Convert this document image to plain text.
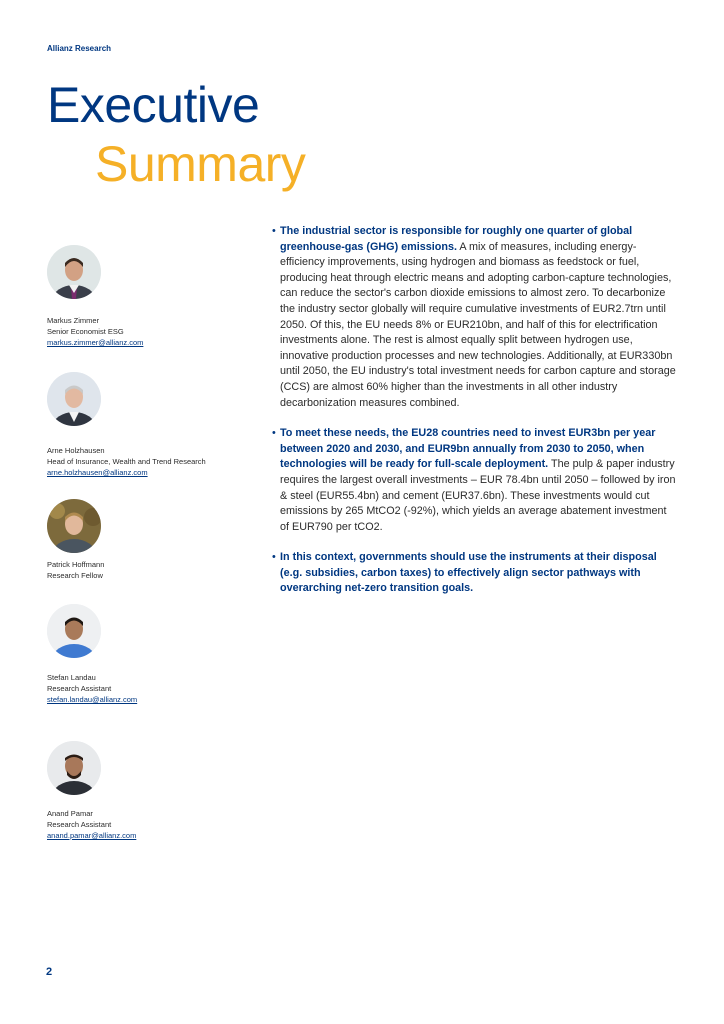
Allianz Research
Executive
Summary
Markus Zimmer
Senior Economist ESG
markus.zimmer@allianz.com
Arne Holzhausen
Head of Insurance, Wealth and Trend Research
arne.holzhausen@allianz.com
Patrick Hoffmann
Research Fellow
Stefan Landau
Research Assistant
stefan.landau@allianz.com
Anand Pamar
Research Assistant
anand.pamar@allianz.com
• The industrial sector is responsible for roughly one quarter of global greenhouse-gas (GHG) emissions. A mix of measures, including energy-efficiency improvements, using hydrogen and biomass as feedstock or fuel, producing heat through electric means and adopting carbon-capture technologies, can reduce the sector's carbon dioxide emissions to almost zero. To decarbonize the industry sector globally will require cumulative investments of EUR2.7trn until 2050. Of this, the EU needs 8% or EUR210bn, and half of this for electrification investments alone. The rest is almost equally split between hydrogen use, innovative production processes and new technologies. Additionally, at EUR330bn until 2050, the EU industry's total investment needs for carbon capture and storage (CCS) are almost 60% higher than the investments in all other industry decarbonization measures combined.
• To meet these needs, the EU28 countries need to invest EUR3bn per year between 2020 and 2030, and EUR9bn annually from 2030 to 2050, when technologies will be ready for full-scale deployment. The pulp & paper industry requires the largest overall investments – EUR 78.4bn until 2050 – followed by iron & steel (EUR55.4bn) and cement (EUR37.6bn). These investments would cut emissions by 265 MtCO2 (-92%), which yields an average abatement investment of EUR790 per tCO2.
• In this context, governments should use the instruments at their disposal (e.g. subsidies, carbon taxes) to effectively align sector pathways with overarching net-zero transition goals.
2
